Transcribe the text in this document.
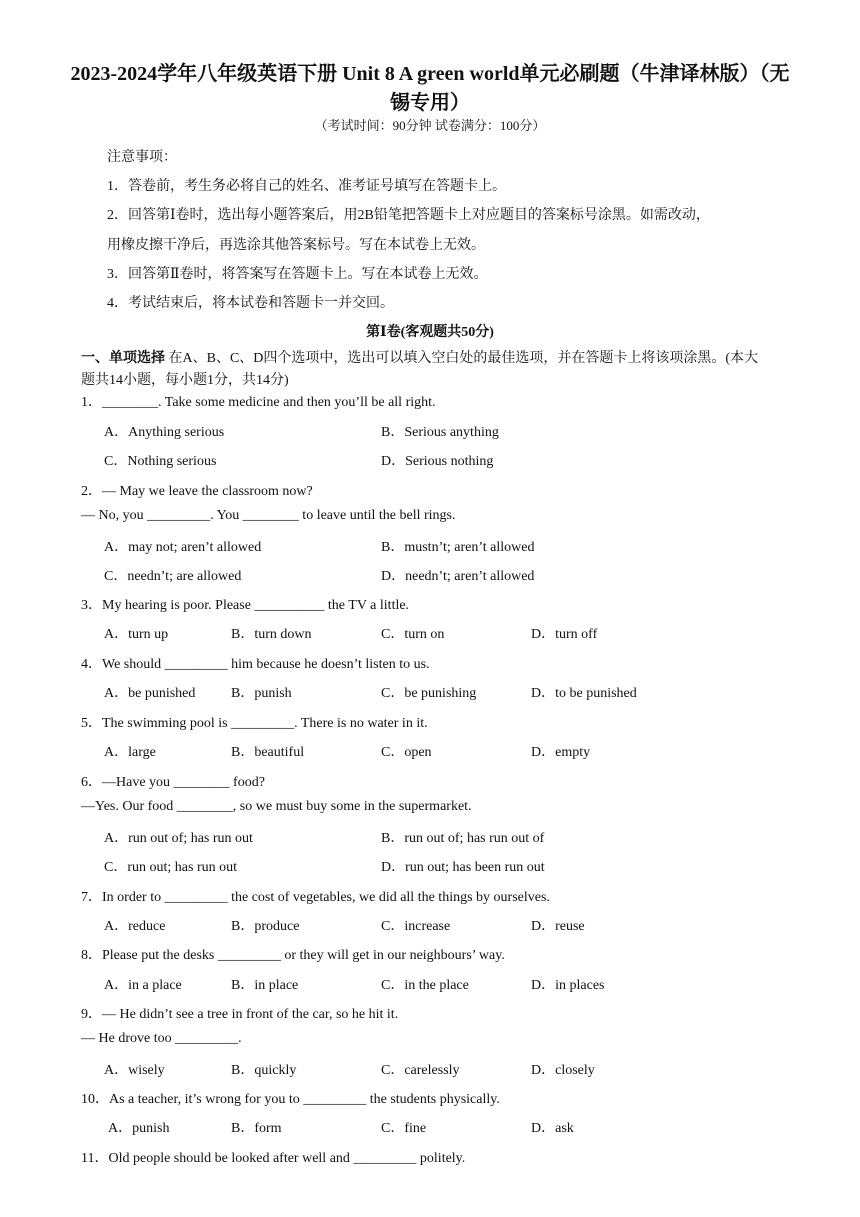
2023-2024学年八年级英语下册 Unit 8 A green world单元必刷题（牛津译林版）（无锡专用）
（考试时间：90分钟 试卷满分：100分）
注意事项：
1．答卷前，考生务必将自己的姓名、准考证号填写在答题卡上。
2．回答第Ⅰ卷时，选出每小题答案后，用2B铅笔把答题卡上对应题目的答案标号涂黑。如需改动，
用橡皮擦干净后，再选涂其他答案标号。写在本试卷上无效。
3．回答第Ⅱ卷时，将答案写在答题卡上。写在本试卷上无效。
4．考试结束后，将本试卷和答题卡一并交回。
第Ⅰ卷(客观题共50分)
一、单项选择 在A、B、C、D四个选项中，选出可以填入空白处的最佳选项，并在答题卡上将该项涂黑。(本大题共14小题，每小题1分，共14分)
1．________. Take some medicine and then you’ll be all right.
A．Anything serious	B．Serious anything
C．Nothing serious	D．Serious nothing
2．— May we leave the classroom now?
— No, you _________. You ________ to leave until the bell rings.
A．may not; aren’t allowed	B．mustn’t; aren’t allowed
C．needn’t; are allowed	D．needn’t; aren’t allowed
3．My hearing is poor. Please __________ the TV a little.
A．turn up	B．turn down	C．turn on	D．turn off
4．We should _________ him because he doesn’t listen to us.
A．be punished	B．punish	C．be punishing	D．to be punished
5．The swimming pool is _________. There is no water in it.
A．large	B．beautiful	C．open	D．empty
6．—Have you ________ food?
—Yes. Our food ________, so we must buy some in the supermarket.
A．run out of; has run out	B．run out of; has run out of
C．run out; has run out	D．run out; has been run out
7．In order to _________ the cost of vegetables, we did all the things by ourselves.
A．reduce	B．produce	C．increase	D．reuse
8．Please put the desks _________ or they will get in our neighbours’ way.
A．in a place	B．in place	C．in the place	D．in places
9．— He didn’t see a tree in front of the car, so he hit it.
— He drove too _________.
A．wisely	B．quickly	C．carelessly	D．closely
10．As a teacher, it’s wrong for you to _________ the students physically.
A．punish	B．form	C．fine	D．ask
11．Old people should be looked after well and _________ politely.
